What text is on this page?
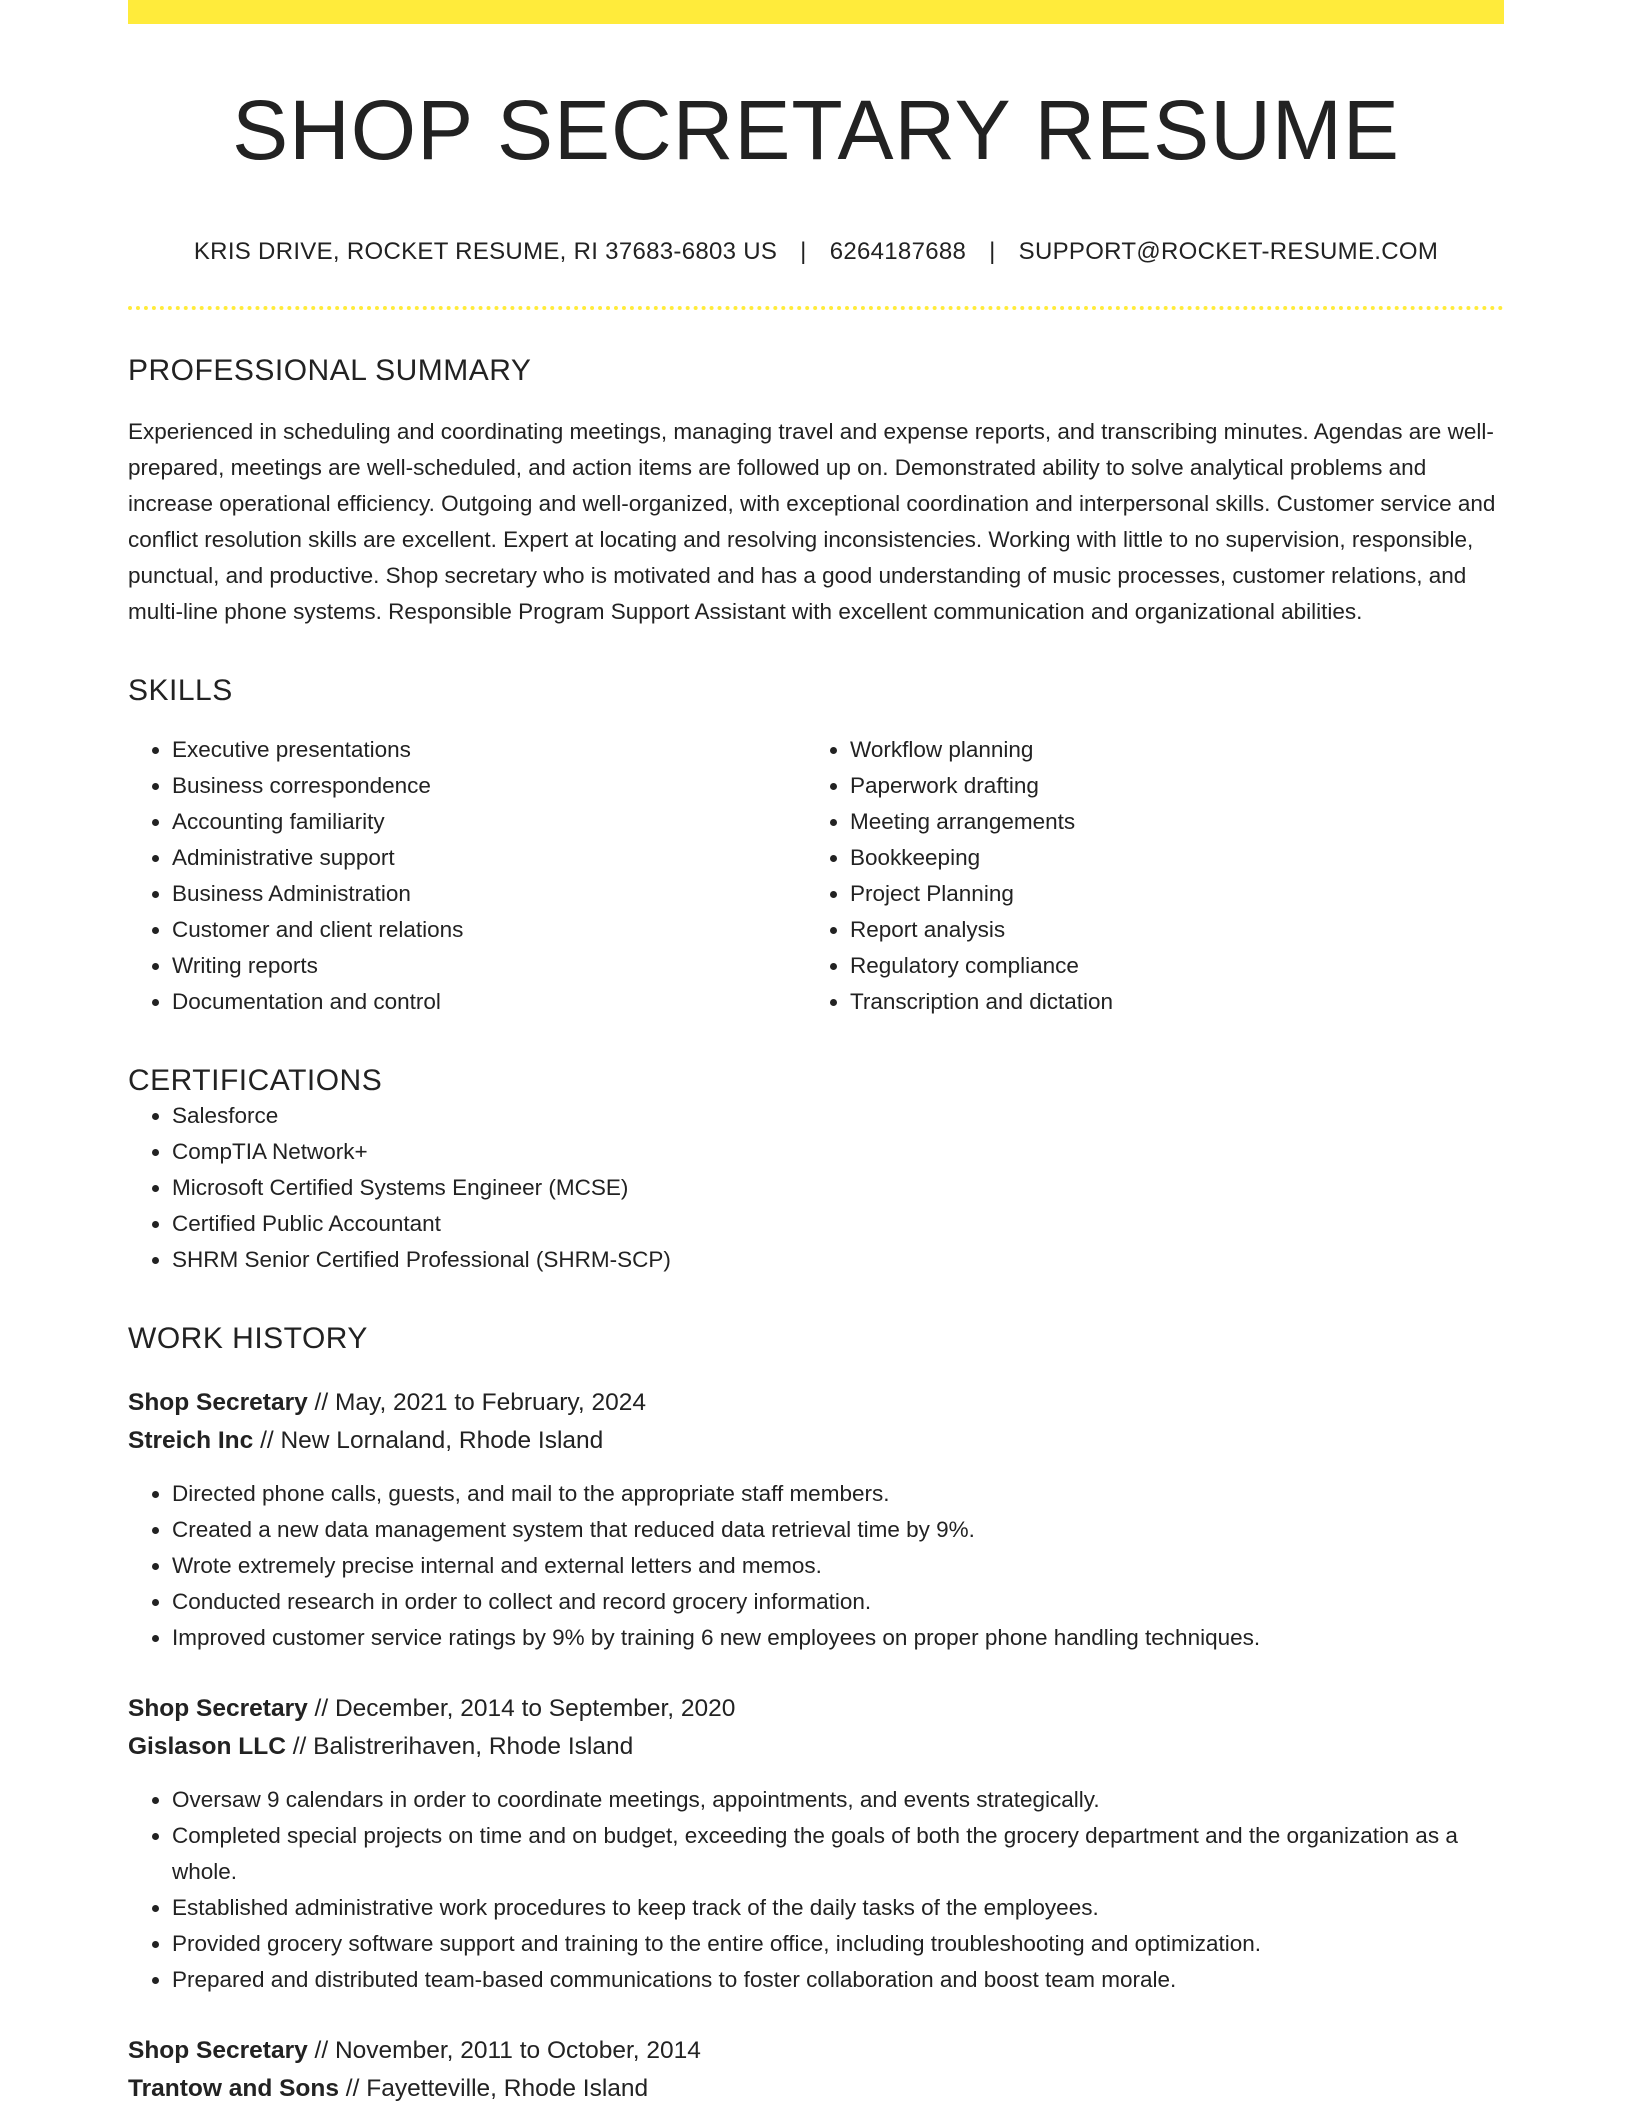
SHOP SECRETARY RESUME
KRIS DRIVE, ROCKET RESUME, RI 37683-6803 US | 6264187688 | SUPPORT@ROCKET-RESUME.COM
PROFESSIONAL SUMMARY

Experienced in scheduling and coordinating meetings, managing travel and expense reports, and transcribing minutes. Agendas are well-prepared, meetings are well-scheduled, and action items are followed up on. Demonstrated ability to solve analytical problems and increase operational efficiency. Outgoing and well-organized, with exceptional coordination and interpersonal skills. Customer service and conflict resolution skills are excellent. Expert at locating and resolving inconsistencies. Working with little to no supervision, responsible, punctual, and productive. Shop secretary who is motivated and has a good understanding of music processes, customer relations, and multi-line phone systems. Responsible Program Support Assistant with excellent communication and organizational abilities.

SKILLS
• Executive presentations
• Business correspondence
• Accounting familiarity
• Administrative support
• Business Administration
• Customer and client relations
• Writing reports
• Documentation and control
• Workflow planning
• Paperwork drafting
• Meeting arrangements
• Bookkeeping
• Project Planning
• Report analysis
• Regulatory compliance
• Transcription and dictation
CERTIFICATIONS
• Salesforce
• CompTIA Network+
• Microsoft Certified Systems Engineer (MCSE)
• Certified Public Accountant
• SHRM Senior Certified Professional (SHRM-SCP)
WORK HISTORY
Shop Secretary // May, 2021 to February, 2024
Streich Inc // New Lornaland, Rhode Island
• Directed phone calls, guests, and mail to the appropriate staff members.
• Created a new data management system that reduced data retrieval time by 9%.
• Wrote extremely precise internal and external letters and memos.
• Conducted research in order to collect and record grocery information.
• Improved customer service ratings by 9% by training 6 new employees on proper phone handling techniques.
Shop Secretary // December, 2014 to September, 2020
Gislason LLC // Balistrerihaven, Rhode Island
• Oversaw 9 calendars in order to coordinate meetings, appointments, and events strategically.
• Completed special projects on time and on budget, exceeding the goals of both the grocery department and the organization as a whole.
• Established administrative work procedures to keep track of the daily tasks of the employees.
• Provided grocery software support and training to the entire office, including troubleshooting and optimization.
• Prepared and distributed team-based communications to foster collaboration and boost team morale.
Shop Secretary // November, 2011 to October, 2014
Trantow and Sons // Fayetteville, Rhode Island
